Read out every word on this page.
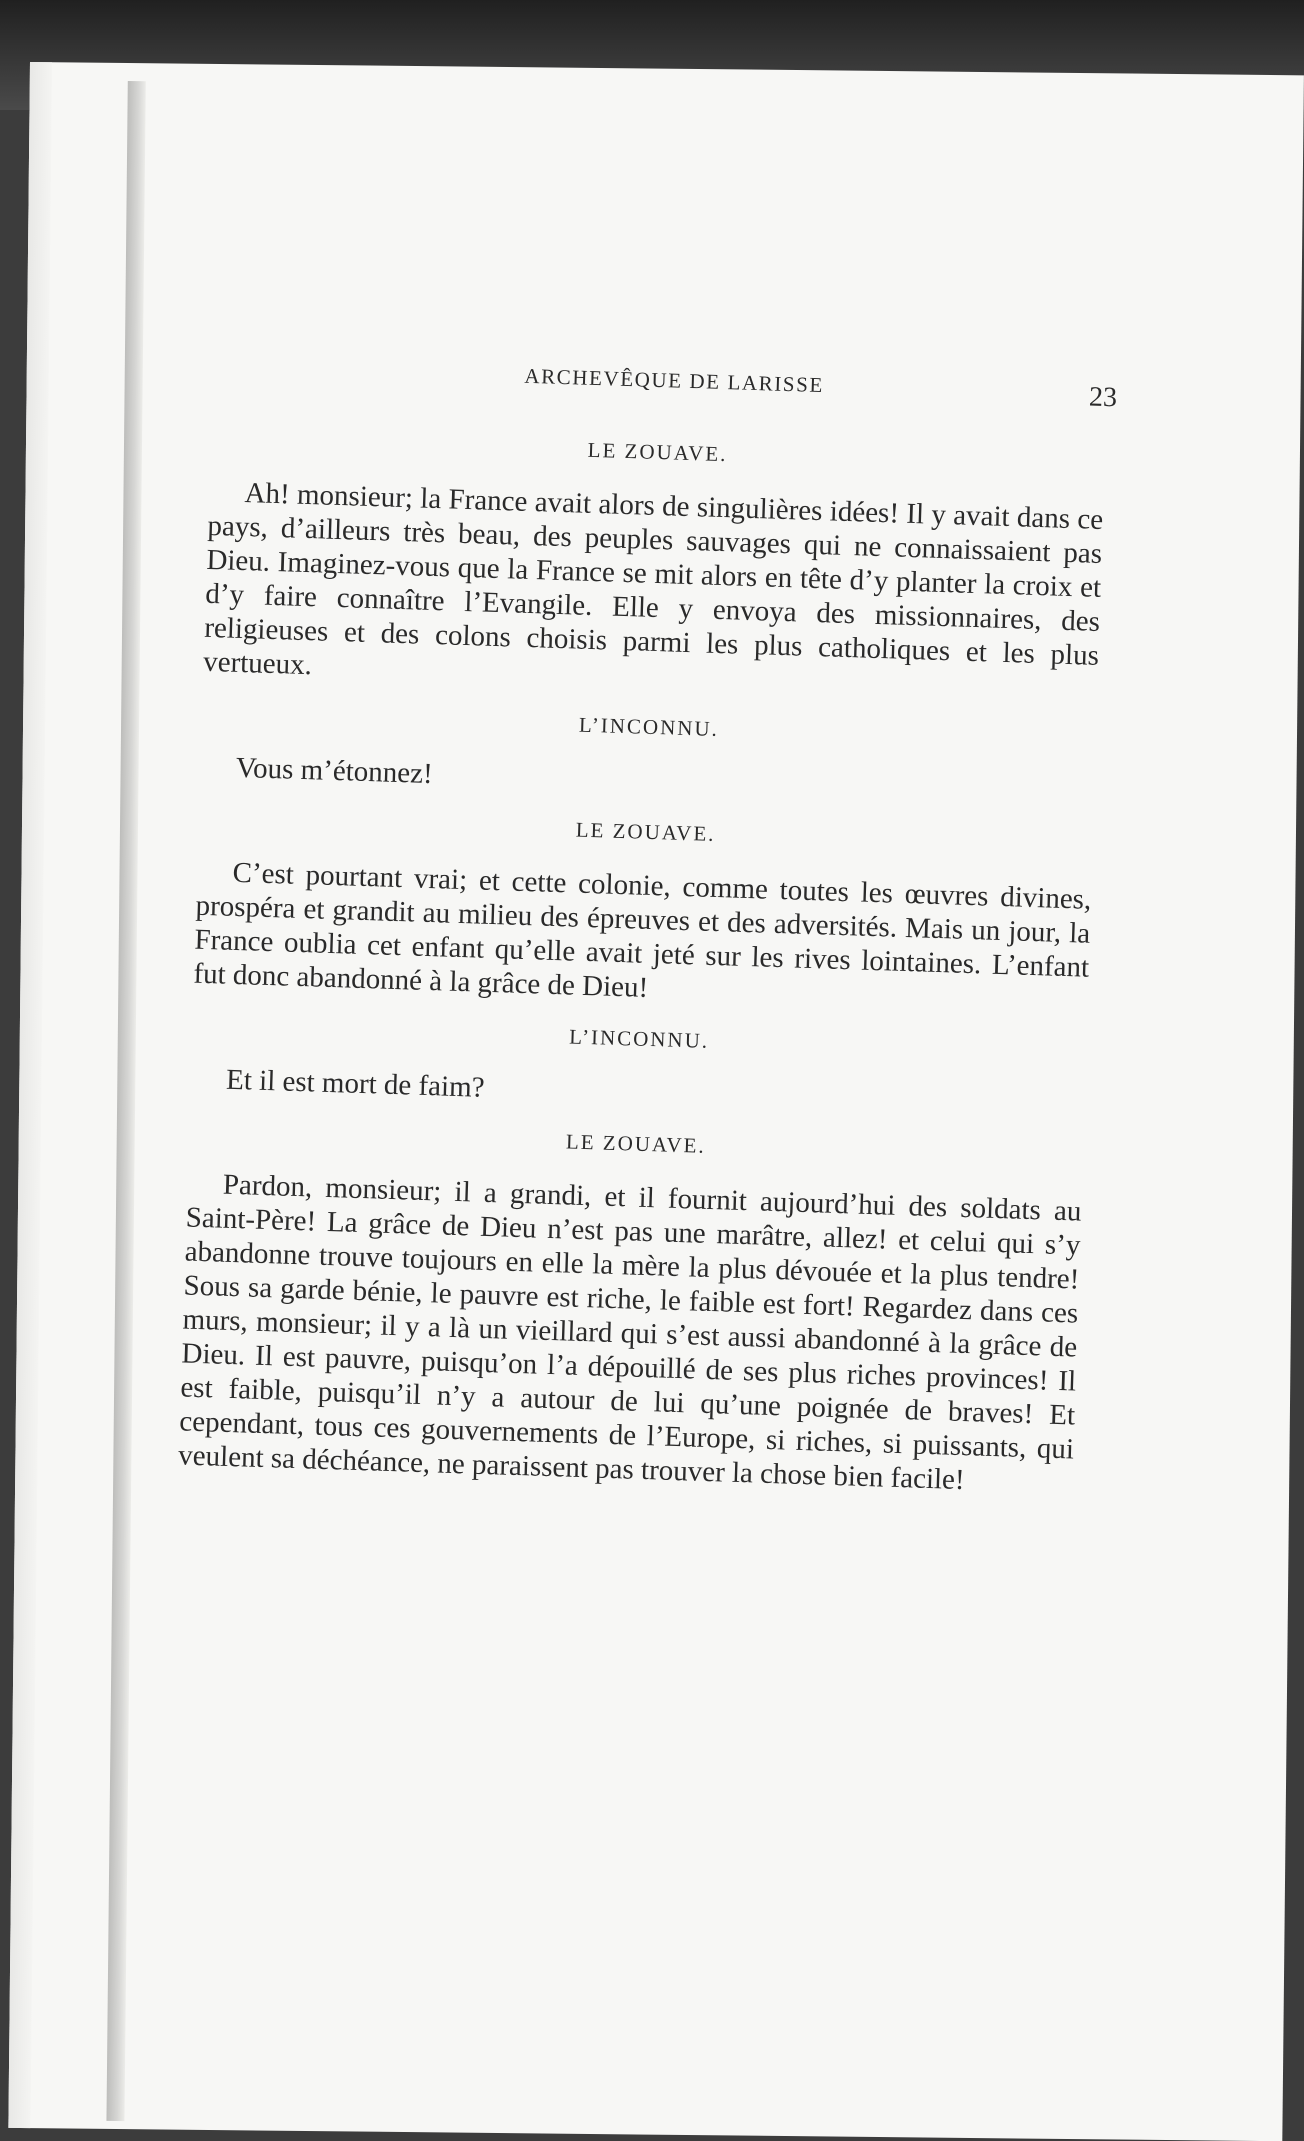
ARCHEVÊQUE DE LARISSE
23
LE ZOUAVE.

Ah! monsieur; la France avait alors de singulières idées! Il y avait dans ce pays, d’ailleurs très beau, des peuples sauvages qui ne connaissaient pas Dieu. Imaginez-vous que la France se mit alors en tête d’y planter la croix et d’y faire connaître l’Evangile. Elle y envoya des missionnaires, des religieuses et des colons choisis parmi les plus catholiques et les plus vertueux.

L’INCONNU.

Vous m’étonnez!

LE ZOUAVE.

C’est pourtant vrai; et cette colonie, comme toutes les œuvres divines, prospéra et grandit au milieu des épreuves et des adversités. Mais un jour, la France oublia cet enfant qu’elle avait jeté sur les rives lointaines. L’enfant fut donc abandonné à la grâce de Dieu!

L’INCONNU.

Et il est mort de faim?

LE ZOUAVE.

Pardon, monsieur; il a grandi, et il fournit aujourd’hui des soldats au Saint-Père! La grâce de Dieu n’est pas une marâtre, allez! et celui qui s’y abandonne trouve toujours en elle la mère la plus dévouée et la plus tendre! Sous sa garde bénie, le pauvre est riche, le faible est fort! Regardez dans ces murs, monsieur; il y a là un vieillard qui s’est aussi abandonné à la grâce de Dieu. Il est pauvre, puisqu’on l’a dépouillé de ses plus riches provinces! Il est faible, puisqu’il n’y a autour de lui qu’une poignée de braves! Et cependant, tous ces gouvernements de l’Europe, si riches, si puissants, qui veulent sa déchéance, ne paraissent pas trouver la chose bien facile!
